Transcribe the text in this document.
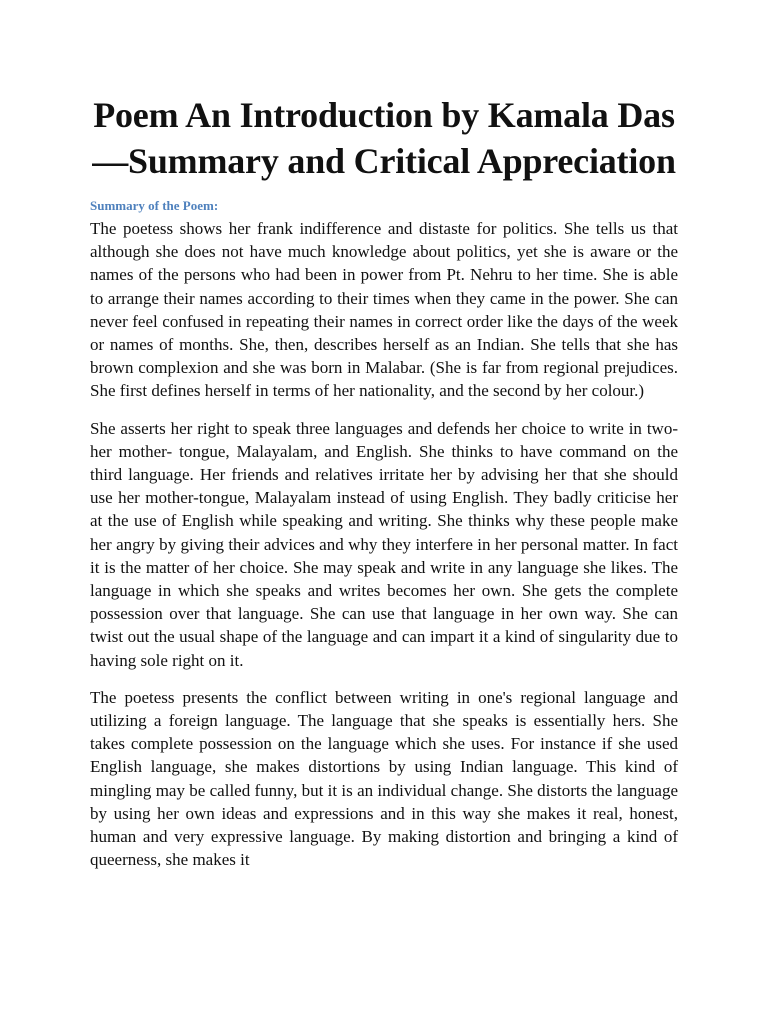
Poem An Introduction by Kamala Das
—Summary and Critical Appreciation
Summary of the Poem:

The poetess shows her frank indifference and distaste for politics. She tells us that although she does not have much knowledge about politics, yet she is aware or the names of the persons who had been in power from Pt. Nehru to her time. She is able to arrange their names according to their times when they came in the power. She can never feel confused in repeating their names in correct order like the days of the week or names of months. She, then, describes herself as an Indian. She tells that she has brown complexion and she was born in Malabar. (She is far from regional prejudices. She first defines herself in terms of her nationality, and the second by her colour.)

She asserts her right to speak three languages and defends her choice to write in two-her mother- tongue, Malayalam, and English. She thinks to have command on the third language. Her friends and relatives irritate her by advising her that she should use her mother-tongue, Malayalam instead of using English. They badly criticise her at the use of English while speaking and writing. She thinks why these people make her angry by giving their advices and why they interfere in her personal matter. In fact it is the matter of her choice. She may speak and write in any language she likes. The language in which she speaks and writes becomes her own. She gets the complete possession over that language. She can use that language in her own way. She can twist out the usual shape of the language and can impart it a kind of singularity due to having sole right on it.

The poetess presents the conflict between writing in one's regional language and utilizing a foreign language. The language that she speaks is essentially hers. She takes complete possession on the language which she uses. For instance if she used English language, she makes distortions by using Indian language. This kind of mingling may be called funny, but it is an individual change. She distorts the language by using her own ideas and expressions and in this way she makes it real, honest, human and very expressive language. By making distortion and bringing a kind of queerness, she makes it
